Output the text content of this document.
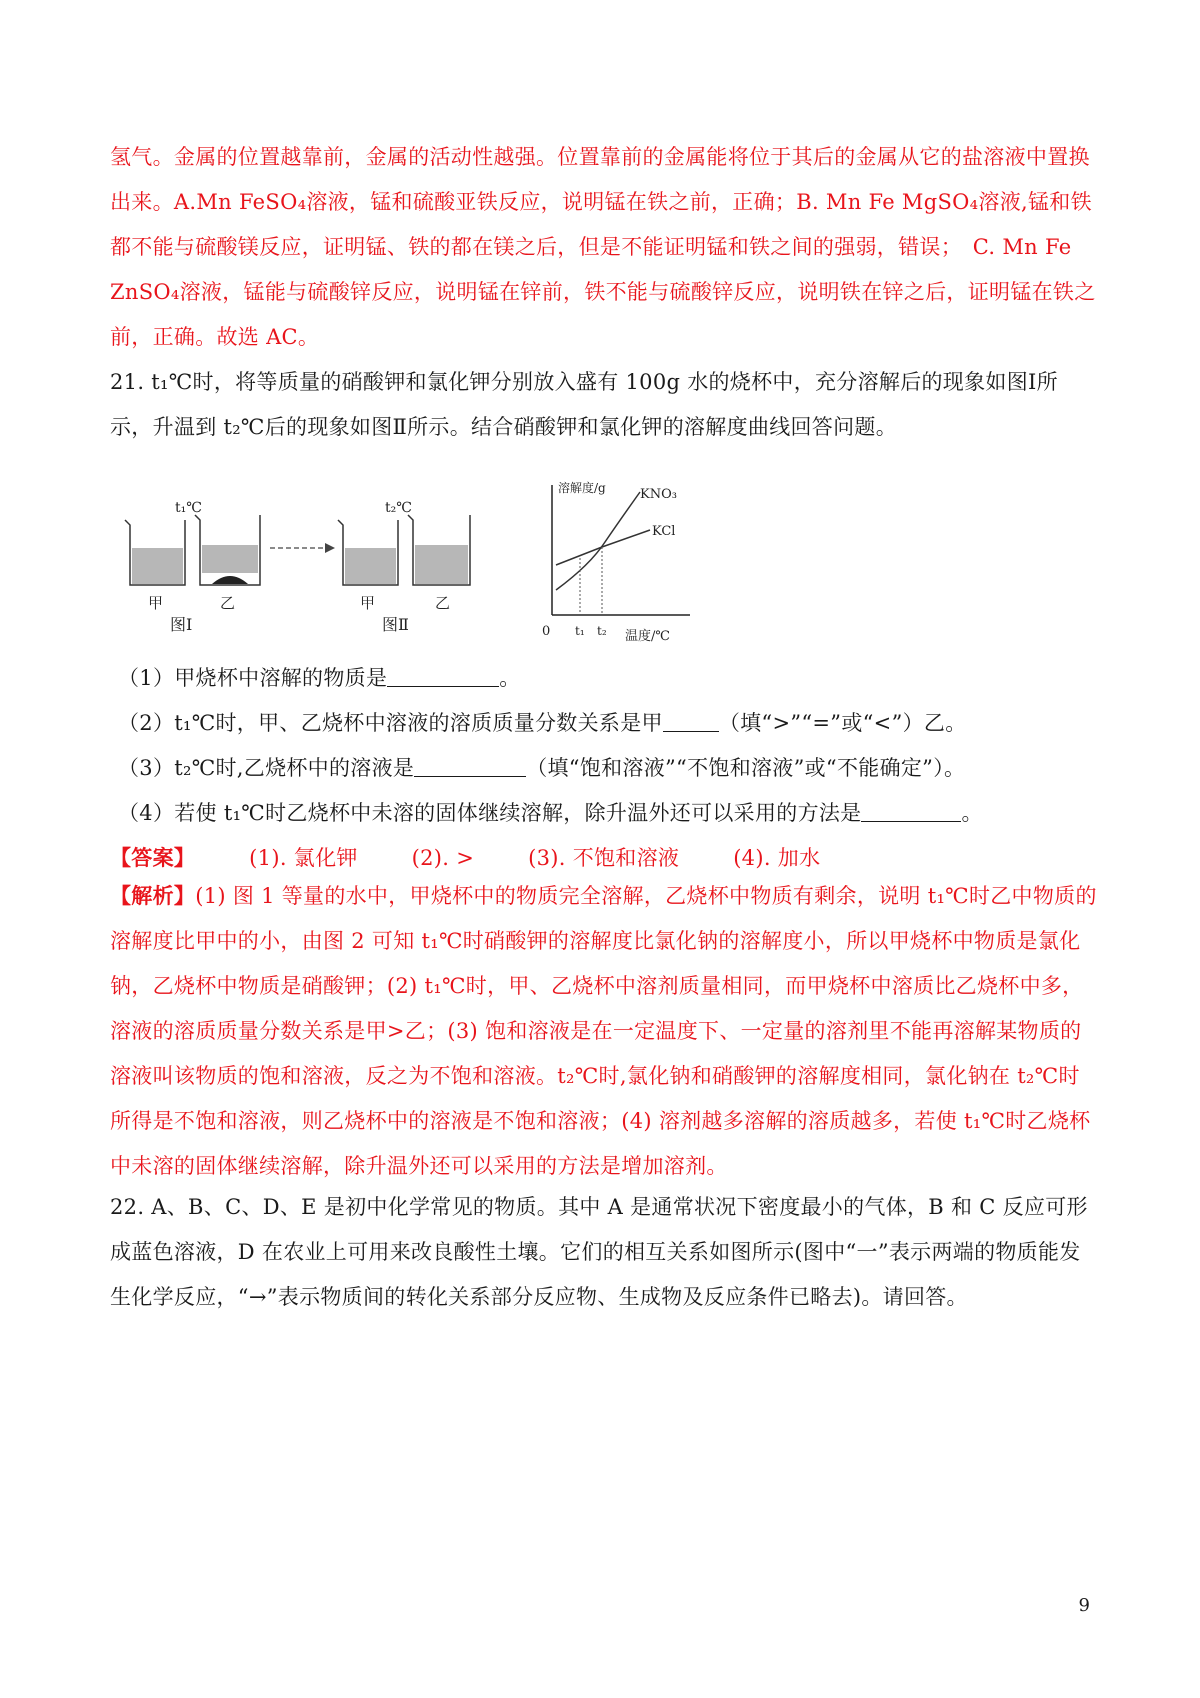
氢气。金属的位置越靠前，金属的活动性越强。位置靠前的金属能将位于其后的金属从它的盐溶液中置换出来。A.Mn FeSO₄溶液，锰和硫酸亚铁反应，说明锰在铁之前，正确；B. Mn Fe MgSO₄溶液,锰和铁都不能与硫酸镁反应，证明锰、铁的都在镁之后，但是不能证明锰和铁之间的强弱，错误；　C. Mn Fe ZnSO₄溶液，锰能与硫酸锌反应，说明锰在锌前，铁不能与硫酸锌反应，说明铁在锌之后，证明锰在铁之前，正确。故选 AC。
21. t₁℃时，将等质量的硝酸钾和氯化钾分别放入盛有 100g 水的烧杯中，充分溶解后的现象如图Ⅰ所示，升温到 t₂℃后的现象如图Ⅱ所示。结合硝酸钾和氯化钾的溶解度曲线回答问题。
t₁℃
甲	乙
图Ⅰ
t₂℃
甲	乙
图Ⅱ
溶解度/g
温度/℃
0 t₁ t₂
KNO₃
KCl
（1）甲烧杯中溶解的物质是	。
（2）t₁℃时，甲、乙烧杯中溶液的溶质质量分数关系是甲	（填“>”“=”或“<”）乙。
（3）t₂℃时,乙烧杯中的溶液是	（填“饱和溶液”“不饱和溶液”或“不能确定”）。
（4）若使 t₁℃时乙烧杯中未溶的固体继续溶解，除升温外还可以采用的方法是	。
【答案】	(1). 氯化钾	(2). >	(3). 不饱和溶液	(4). 加水
【解析】(1) 图 1 等量的水中，甲烧杯中的物质完全溶解，乙烧杯中物质有剩余，说明 t₁℃时乙中物质的溶解度比甲中的小，由图 2 可知 t₁℃时硝酸钾的溶解度比氯化钠的溶解度小，所以甲烧杯中物质是氯化钠，乙烧杯中物质是硝酸钾；(2) t₁℃时，甲、乙烧杯中溶剂质量相同，而甲烧杯中溶质比乙烧杯中多，溶液的溶质质量分数关系是甲>乙；(3) 饱和溶液是在一定温度下、一定量的溶剂里不能再溶解某物质的溶液叫该物质的饱和溶液，反之为不饱和溶液。t₂℃时,氯化钠和硝酸钾的溶解度相同，氯化钠在 t₂℃时所得是不饱和溶液，则乙烧杯中的溶液是不饱和溶液；(4) 溶剂越多溶解的溶质越多，若使 t₁℃时乙烧杯中未溶的固体继续溶解，除升温外还可以采用的方法是增加溶剂。
22. A、B、C、D、E 是初中化学常见的物质。其中 A 是通常状况下密度最小的气体，B 和 C 反应可形成蓝色溶液，D 在农业上可用来改良酸性土壤。它们的相互关系如图所示(图中“一”表示两端的物质能发生化学反应，“→”表示物质间的转化关系部分反应物、生成物及反应条件已略去)。请回答。
9
